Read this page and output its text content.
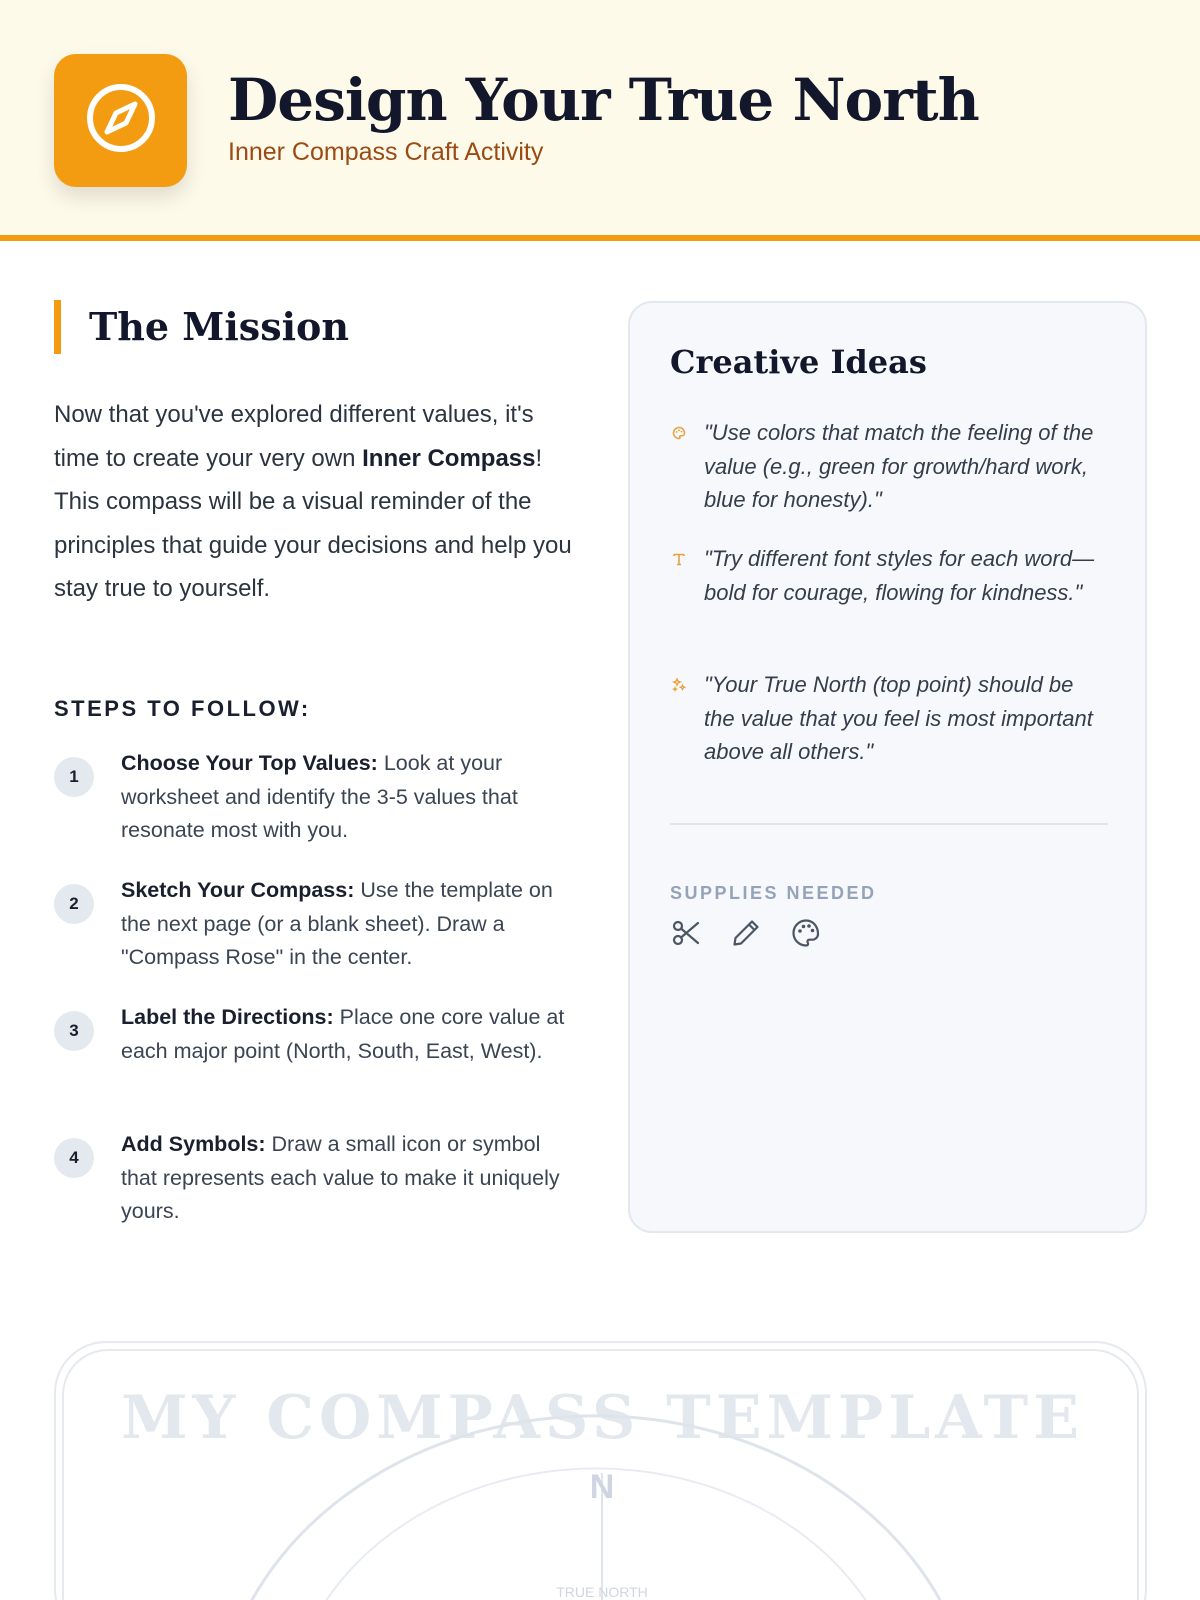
Design Your True North
Inner Compass Craft Activity
The Mission
Now that you've explored different values, it's time to create your very own Inner Compass! This compass will be a visual reminder of the principles that guide your decisions and help you stay true to yourself.
STEPS TO FOLLOW:
1
Choose Your Top Values: Look at your worksheet and identify the 3-5 values that resonate most with you.
2
Sketch Your Compass: Use the template on the next page (or a blank sheet). Draw a "Compass Rose" in the center.
3
Label the Directions: Place one core value at each major point (North, South, East, West).
4
Add Symbols: Draw a small icon or symbol that represents each value to make it uniquely yours.
Creative Ideas
"Use colors that match the feeling of the value (e.g., green for growth/hard work, blue for honesty)."
"Try different font styles for each word—bold for courage, flowing for kindness."
"Your True North (top point) should be the value that you feel is most important above all others."
SUPPLIES NEEDED
MY COMPASS TEMPLATE
N
TRUE NORTH
